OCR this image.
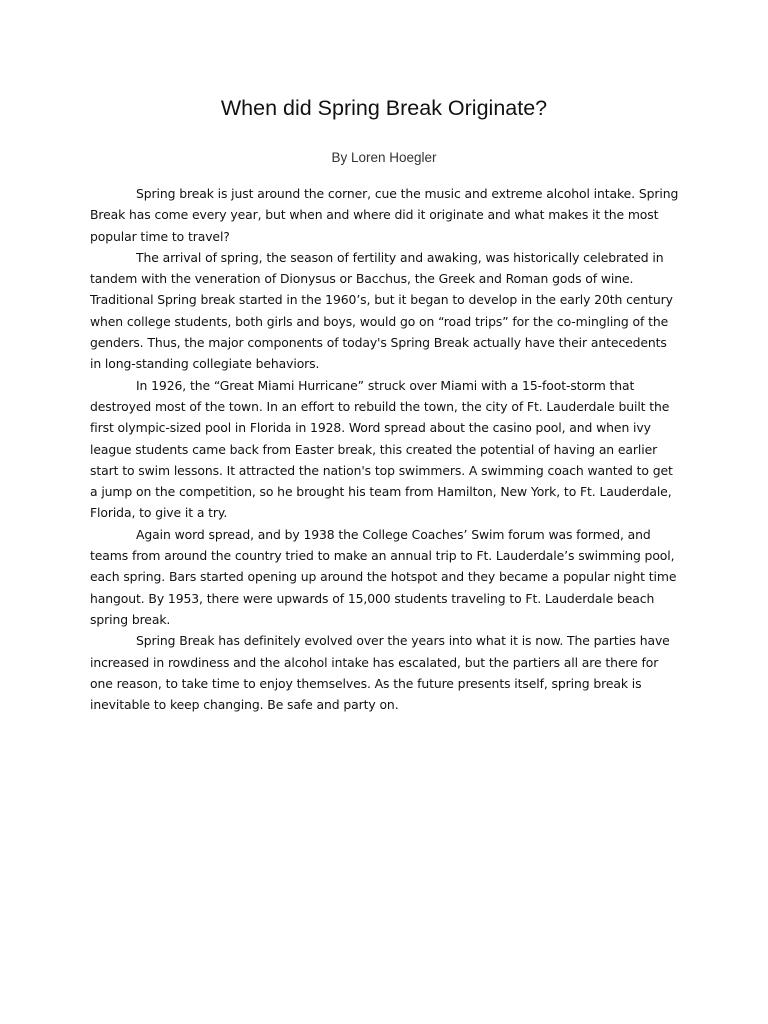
When did Spring Break Originate?
By Loren Hoegler

Spring break is just around the corner, cue the music and extreme alcohol intake. Spring Break has come every year, but when and where did it originate and what makes it the most popular time to travel?

The arrival of spring, the season of fertility and awaking, was historically celebrated in tandem with the veneration of Dionysus or Bacchus, the Greek and Roman gods of wine. Traditional Spring break started in the 1960’s, but it began to develop in the early 20th century when college students, both girls and boys, would go on “road trips” for the co-mingling of the genders. Thus, the major components of today's Spring Break actually have their antecedents in long-standing collegiate behaviors.

In 1926, the “Great Miami Hurricane” struck over Miami with a 15-foot-storm that destroyed most of the town. In an effort to rebuild the town, the city of Ft. Lauderdale built the first olympic-sized pool in Florida in 1928. Word spread about the casino pool, and when ivy league students came back from Easter break, this created the potential of having an earlier start to swim lessons. It attracted the nation's top swimmers. A swimming coach wanted to get a jump on the competition, so he brought his team from Hamilton, New York, to Ft. Lauderdale, Florida, to give it a try.

Again word spread, and by 1938 the College Coaches’ Swim forum was formed, and teams from around the country tried to make an annual trip to Ft. Lauderdale’s swimming pool, each spring. Bars started opening up around the hotspot and they became a popular night time hangout. By 1953, there were upwards of 15,000 students traveling to Ft. Lauderdale beach spring break.

Spring Break has definitely evolved over the years into what it is now. The parties have increased in rowdiness and the alcohol intake has escalated, but the partiers all are there for one reason, to take time to enjoy themselves. As the future presents itself, spring break is inevitable to keep changing. Be safe and party on.
